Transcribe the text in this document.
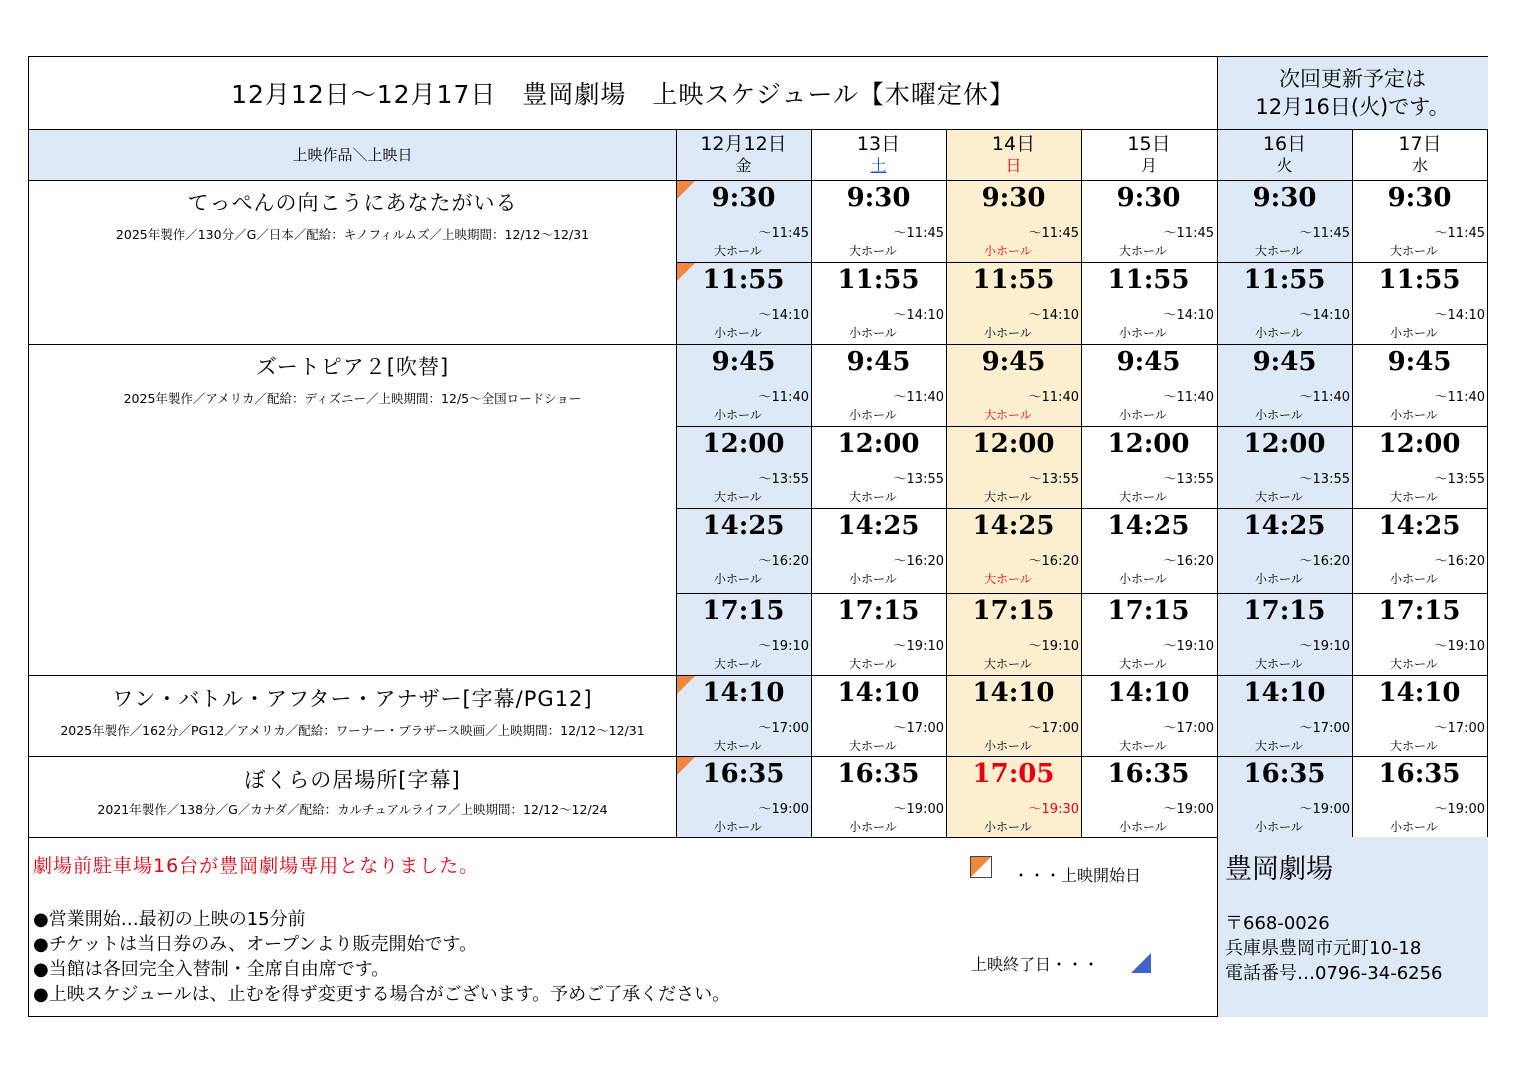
12月12日～12月17日　豊岡劇場　上映スケジュール【木曜定休】
次回更新予定は
12月16日(火)です。
上映作品＼上映日
12月12日
金
13日
土
14日
日
15日
月
16日
火
17日
水
てっぺんの向こうにあなたがいる
2025年製作／130分／G／日本／配給：キノフィルムズ／上映期間：12/12～12/31
ズートピア２[吹替]
2025年製作／アメリカ／配給：ディズニー／上映期間：12/5～全国ロードショー
ワン・バトル・アフター・アナザー[字幕/PG12]
2025年製作／162分／PG12／アメリカ／配給：ワーナー・ブラザース映画／上映期間：12/12～12/31
ぼくらの居場所[字幕]
2021年製作／138分／G／カナダ／配給：カルチュアルライフ／上映期間：12/12～12/24
9:30
～11:45
大ホール
9:30
～11:45
大ホール
9:30
～11:45
小ホール
9:30
～11:45
大ホール
9:30
～11:45
大ホール
9:30
～11:45
大ホール
11:55
～14:10
小ホール
11:55
～14:10
小ホール
11:55
～14:10
小ホール
11:55
～14:10
小ホール
11:55
～14:10
小ホール
11:55
～14:10
小ホール
9:45
～11:40
小ホール
9:45
～11:40
小ホール
9:45
～11:40
大ホール
9:45
～11:40
小ホール
9:45
～11:40
小ホール
9:45
～11:40
小ホール
12:00
～13:55
大ホール
12:00
～13:55
大ホール
12:00
～13:55
大ホール
12:00
～13:55
大ホール
12:00
～13:55
大ホール
12:00
～13:55
大ホール
14:25
～16:20
小ホール
14:25
～16:20
小ホール
14:25
～16:20
大ホール
14:25
～16:20
小ホール
14:25
～16:20
小ホール
14:25
～16:20
小ホール
17:15
～19:10
大ホール
17:15
～19:10
大ホール
17:15
～19:10
大ホール
17:15
～19:10
大ホール
17:15
～19:10
大ホール
17:15
～19:10
大ホール
14:10
～17:00
大ホール
14:10
～17:00
大ホール
14:10
～17:00
小ホール
14:10
～17:00
大ホール
14:10
～17:00
大ホール
14:10
～17:00
大ホール
16:35
～19:00
小ホール
16:35
～19:00
小ホール
17:05
～19:30
小ホール
16:35
～19:00
小ホール
16:35
～19:00
小ホール
16:35
～19:00
小ホール
劇場前駐車場16台が豊岡劇場専用となりました。
●営業開始…最初の上映の15分前
●チケットは当日券のみ、オープンより販売開始です。
●当館は各回完全入替制・全席自由席です。
●上映スケジュールは、止むを得ず変更する場合がございます。予めご了承ください。
・・・上映開始日
上映終了日・・・
豊岡劇場
〒668-0026
兵庫県豊岡市元町10-18
電話番号…0796-34-6256
